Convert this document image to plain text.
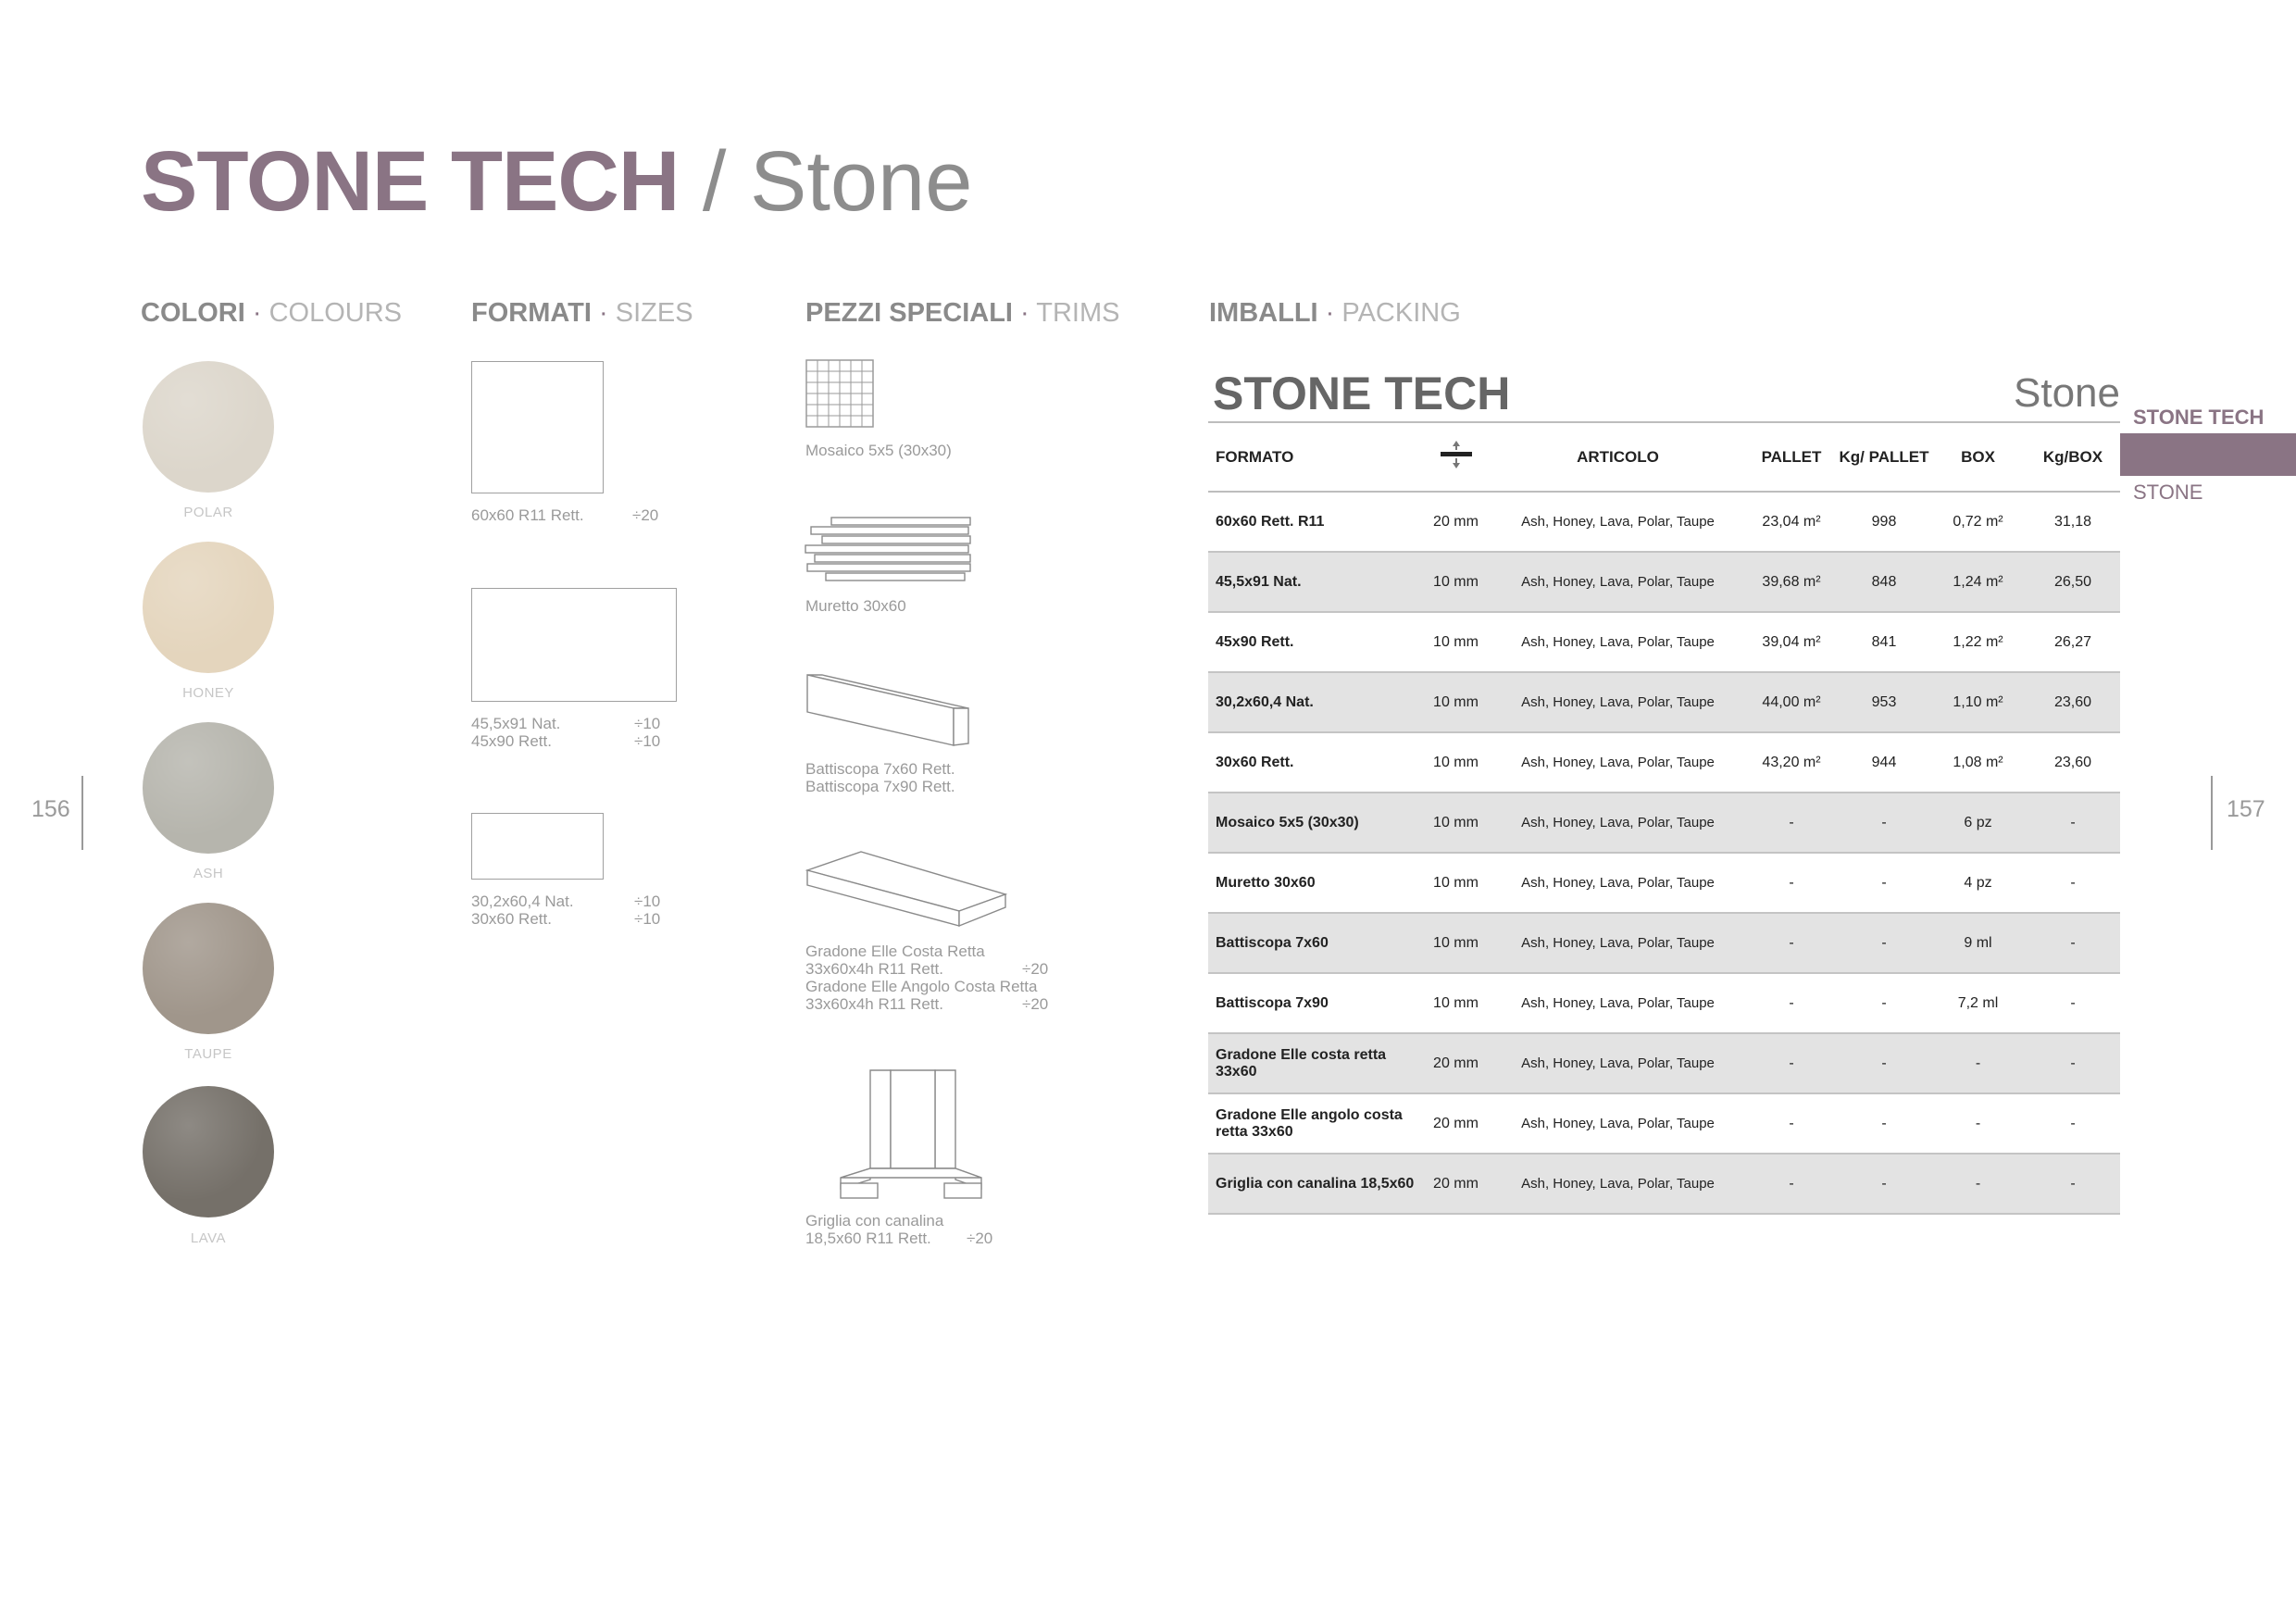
STONE TECH / Stone
COLORI · COLOURS	FORMATI · SIZES	PEZZI SPECIALI · TRIMS	IMBALLI · PACKING
POLAR
HONEY
ASH
TAUPE
LAVA
60x60 R11 Rett.	÷20
45,5x91 Nat.	÷10
45x90 Rett.	÷10
30,2x60,4 Nat.	÷10
30x60 Rett.	÷10
Mosaico 5x5 (30x30)
Muretto 30x60
Battiscopa 7x60 Rett.
Battiscopa 7x90 Rett.
Gradone Elle Costa Retta
33x60x4h R11 Rett.	÷20
Gradone Elle Angolo Costa Retta
33x60x4h R11 Rett.	÷20
Griglia con canalina
18,5x60 R11 Rett. ÷20
156	157
STONE TECH	Stone
STONE TECH
STONE
FORMATO		ARTICOLO	PALLET	Kg/ PALLET	BOX	Kg/BOX
60x60 Rett. R11	20 mm	Ash, Honey, Lava, Polar, Taupe	23,04 m²	998	0,72 m²	31,18
45,5x91 Nat.	10 mm	Ash, Honey, Lava, Polar, Taupe	39,68 m²	848	1,24 m²	26,50
45x90 Rett.	10 mm	Ash, Honey, Lava, Polar, Taupe	39,04 m²	841	1,22 m²	26,27
30,2x60,4 Nat.	10 mm	Ash, Honey, Lava, Polar, Taupe	44,00 m²	953	1,10 m²	23,60
30x60 Rett.	10 mm	Ash, Honey, Lava, Polar, Taupe	43,20 m²	944	1,08 m²	23,60
Mosaico 5x5 (30x30)	10 mm	Ash, Honey, Lava, Polar, Taupe	-	-	6 pz	-
Muretto 30x60	10 mm	Ash, Honey, Lava, Polar, Taupe	-	-	4 pz	-
Battiscopa 7x60	10 mm	Ash, Honey, Lava, Polar, Taupe	-	-	9 ml	-
Battiscopa 7x90	10 mm	Ash, Honey, Lava, Polar, Taupe	-	-	7,2 ml	-
Gradone Elle costa retta 33x60	20 mm	Ash, Honey, Lava, Polar, Taupe	-	-	-	-
Gradone Elle angolo costa retta 33x60	20 mm	Ash, Honey, Lava, Polar, Taupe	-	-	-	-
Griglia con canalina 18,5x60	20 mm	Ash, Honey, Lava, Polar, Taupe	-	-	-	-
